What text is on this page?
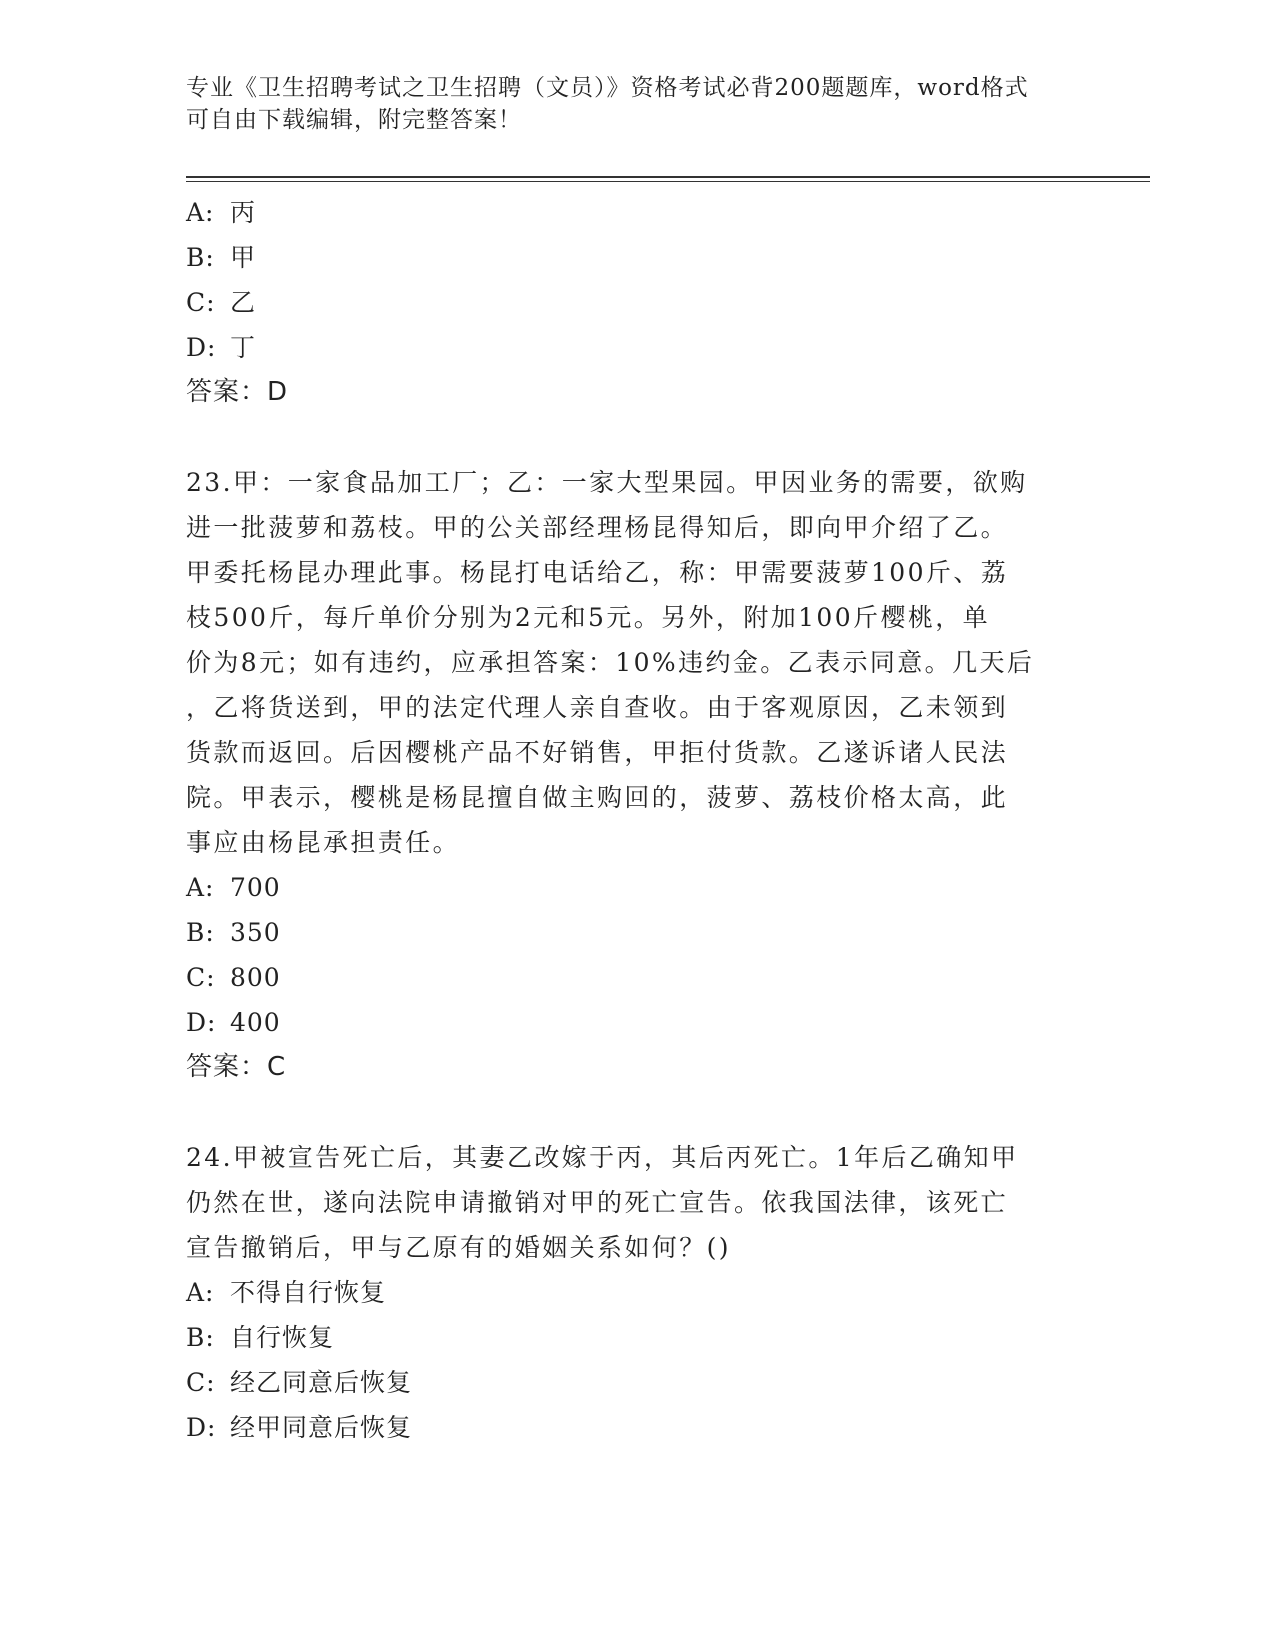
专业《卫生招聘考试之卫生招聘（文员）》资格考试必背200题题库，word格式
可自由下载编辑，附完整答案！
A: 丙
B: 甲
C: 乙
D: 丁
答案：D
23.甲：一家食品加工厂；乙：一家大型果园。甲因业务的需要，欲购
进一批菠萝和荔枝。甲的公关部经理杨昆得知后，即向甲介绍了乙。
甲委托杨昆办理此事。杨昆打电话给乙，称：甲需要菠萝100斤、荔
枝500斤，每斤单价分别为2元和5元。另外，附加100斤樱桃，单
价为8元；如有违约，应承担答案：10%违约金。乙表示同意。几天后
，乙将货送到，甲的法定代理人亲自查收。由于客观原因，乙未领到
货款而返回。后因樱桃产品不好销售，甲拒付货款。乙遂诉诸人民法
院。甲表示，樱桃是杨昆擅自做主购回的，菠萝、荔枝价格太高，此
事应由杨昆承担责任。
A: 700
B: 350
C: 800
D: 400
答案：C
24.甲被宣告死亡后，其妻乙改嫁于丙，其后丙死亡。1年后乙确知甲
仍然在世，遂向法院申请撤销对甲的死亡宣告。依我国法律，该死亡
宣告撤销后，甲与乙原有的婚姻关系如何？()
A: 不得自行恢复
B: 自行恢复
C: 经乙同意后恢复
D: 经甲同意后恢复
